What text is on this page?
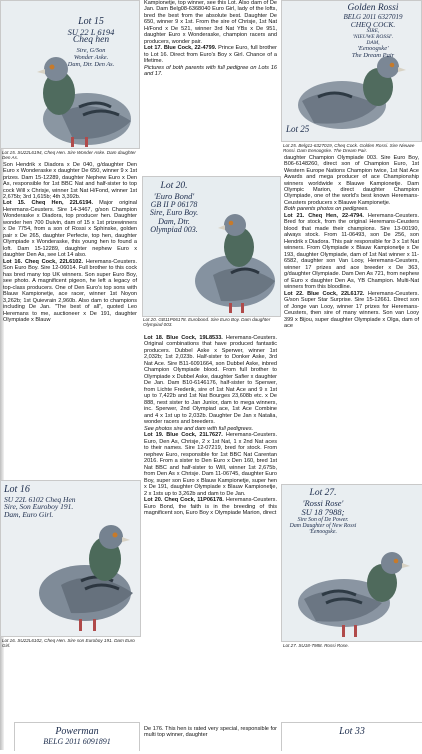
Lot 15
SU 22 L 6194
Cheq hen
Sire, G/Son
Wonder Aske.
Dam, Dtr. Den As.
Lot 15. SU22L6194, Cheq Hen. Sire Wonder Aske. Dam daughter Den As.
Son Hendrik x Diadora x De 040, g/daughter Den Euro x Wonderaske x daughter De 650, winner 9 x 1st prizes. Dam 15-12289, daughter Nephew Euro x Den As, responsible for 1st BBC Nat and half-sister to top cock Will x Chrisje, winner 1st Nat H/Fond, winner 1st 2,675b; 3rd 1,615b; 4th 3,392b.
Lot 15. Cheq Hen, 22L6194. Major original Heremans-Ceusters. Sire 14-3467, g/son Champion Wonderaske x Diadora, top producer hen. Daughter wonder hen 700 Duivin, dam of 15 x 1st prizewinners x De 7754, from a son of Rossi x Sphinske, golden pair x De 265, daughter Perfecte, top hen, daughter Olympiade x Wonderaske, this young hen to found a loft. Dam 15-12289, daughter nephew Euro x daughter Den As, see Lot 14 also.
Lot 16. Cheq Cock, 22L6102. Heremans-Ceusters. Son Euro Boy. Sire 12-06014. Full brother to this cock has bred many top UK winners. Son super Euro Boy, see photo. A magnificent pigeon, he left a legacy of top-class producers. One of Den Euro's top sons with Blauw Kampionetje, ace racer, winner 1st Noyon 3,262b; 1st Quievrain 2,960b. Also dam to champions including De Jan. "The best of all", quoted Leo Heremans to me, auctioneer x De 191, daughter Olympiade x Blauw
Lot 16
SU 22L 6102 Cheq Hen
Sire, Son Euroboy 191.
Dam, Euro Girl.
Lot 16. SU22L6102, Cheq Hen. Sire son Euroboy 191. Dam Euro Girl.
Kampionetje, top winner, see this Lot. Also dam of De Jan. Dam Belg08-6368040 Euro Girl, lady of the lofts, bred the best from the absolute best. Daughter De 650, winner 9 x 1st. From the sire of Chrisje, 1st Nat H/Fond x De 521, winner 3rd Nat YBs x De 951, daughter Euro x Wonderaske, champion racers and producers, wonder pair.
Lot 17. Blue Cock, 22-4799. Prince Euro, full brother to Lot 16. Direct from Euro's Boy x Girl. Chance of a lifetime.
Pictures of both parents with full pedigree on Lots 16 and 17.
Lot 20.
'Euro Bond'
GB II P 06178
Sire, Euro Boy.
Dam, Dtr.
Olympiad 003.
Lot 20. GB11P06178. Eurobond. Sire Euro Boy. Dam daughter Olympiad 003.
Lot 18. Blue Cock, 19L8533. Heremans-Ceusters. Original combinations that have produced fantastic producers. Dubbel Aske x Sperwer, winner 1st 2,032b; 1st 2,023b. Half-sister to Donker Aske, 3rd Nat Ace. Sire B11-6091664, son Dubbel Aske, inbred Champion Olympiade blood. From full brother to Olympiade x Dubbel Aske, daughter Safier x daughter De Jan. Dam B10-6146176, half-sister to Sperwer, from Lichte Frederik, sire of 1st Nat Ace and 9 x 1st up to 7,422b and 1st Nat Bourges 23,608b etc. x De 888, nest sister to Jan Junior, dam to mega winners, inc. Sperwer, 2nd Olympiad ace, 1st Ace Combine and 4 x 1st up to 2,032b. Daughter De Jan x Natalia, wonder racers and breeders.
See photos sire and dam with full pedigrees.
Lot 19. Blue Cock, 21L7627. Heremans-Ceusters. Euro, Den As, Chrisje, 2 x 1st Nat, 1 x 2nd Nat aces to their names. Sire 12-07219, bred for stock. From nephew Euro, responsible for 1st BBC Nat Carentan 2016. From a sister to Den Euro x Den 160, bred 1st Nat BBC and half-sister to Will, winner 1st 2,675b, from Den As x Chrisje. Dam 11-06745, daughter Euro Boy, super son Euro x Blauw Kampionetje, super hen x De 191, daughter Olympiade x Blauw Kampionetje, 2 x 1sts up to 3,262b and dam to De Jan.
Lot 20. Cheq Cock, 11P06178. Heremans-Ceusters. Euro Bond, the faith is in the breeding of this magnificent son, Euro Boy x Olympiade Marion, direct
Golden Rossi
BELG 2011 6327019
CHEQ COCK.
SIRE,
'NIEUWE ROSSI'.
DAM,
'Eenoogske'
The Dream Pair
Lot 25
Lot 25. Belg11-6327019, Cheq Cock. Golden Rossi. Sire Nieuwe Rossi. Dam Eenoogske. The Dream Pair.
daughter Champion Olympiade 003. Sire Euro Boy, B06-6148260, direct son of Champion Euro, 1st Western Europe Nations Champion twice, 1st Nat Ace Awards and mega producer of ace Championship winners worldwide x Blauwe Kampionetje. Dam Olympic Marion, direct daughter Champion Olympiade, one of the world's best known Heremans-Ceusters producers x Blauwe Kampionetje.
Both parents photos on pedigrees.
Lot 21. Cheq Hen, 22-4794. Heremans-Ceusters. Bred for stock, from the original Heremans-Ceusters blood that made their champions. Sire 13-00190, always stock. From 11-06493, son De 256, son Hendrik x Diadora. This pair responsible for 3 x 1st Nat winners. From Olympiade x Blauw Kampionetje x De 193, daughter Olympiade, dam of 1st Nat winner x 11-6582, daughter son Van Looy, Heremans-Ceusters, winner 17 prizes and ace breeder x De 363, g/daughter Olympiade. Dam Den As 721, from nephew of Euro x daughter Den As, YB Champion. Multi-Nat winners from this bloodline.
Lot 22. Blue Cock, 22L6172. Heremans-Ceusters. G/son Super Star Surprise. Sire 15-12661. Direct son of Jonge van Looy, winner 17 prizes for Heremans-Ceusters, then sire of many winners. Son van Looy 399 x Bijou, super daughter Olympiade x Olga, dam of ace
Lot 27.
'Rossi Rose'
SU 18 7988;
Sire Son of De Power.
Dam Daughter of New Rossi
'Eenoogske.
Lot 27. SU18-7988. Rossi Rose.
Powerman
BELG 2011 6091891
De 176. This hen is rated very special, responsible for multi top winner, daughter	Lot 33
